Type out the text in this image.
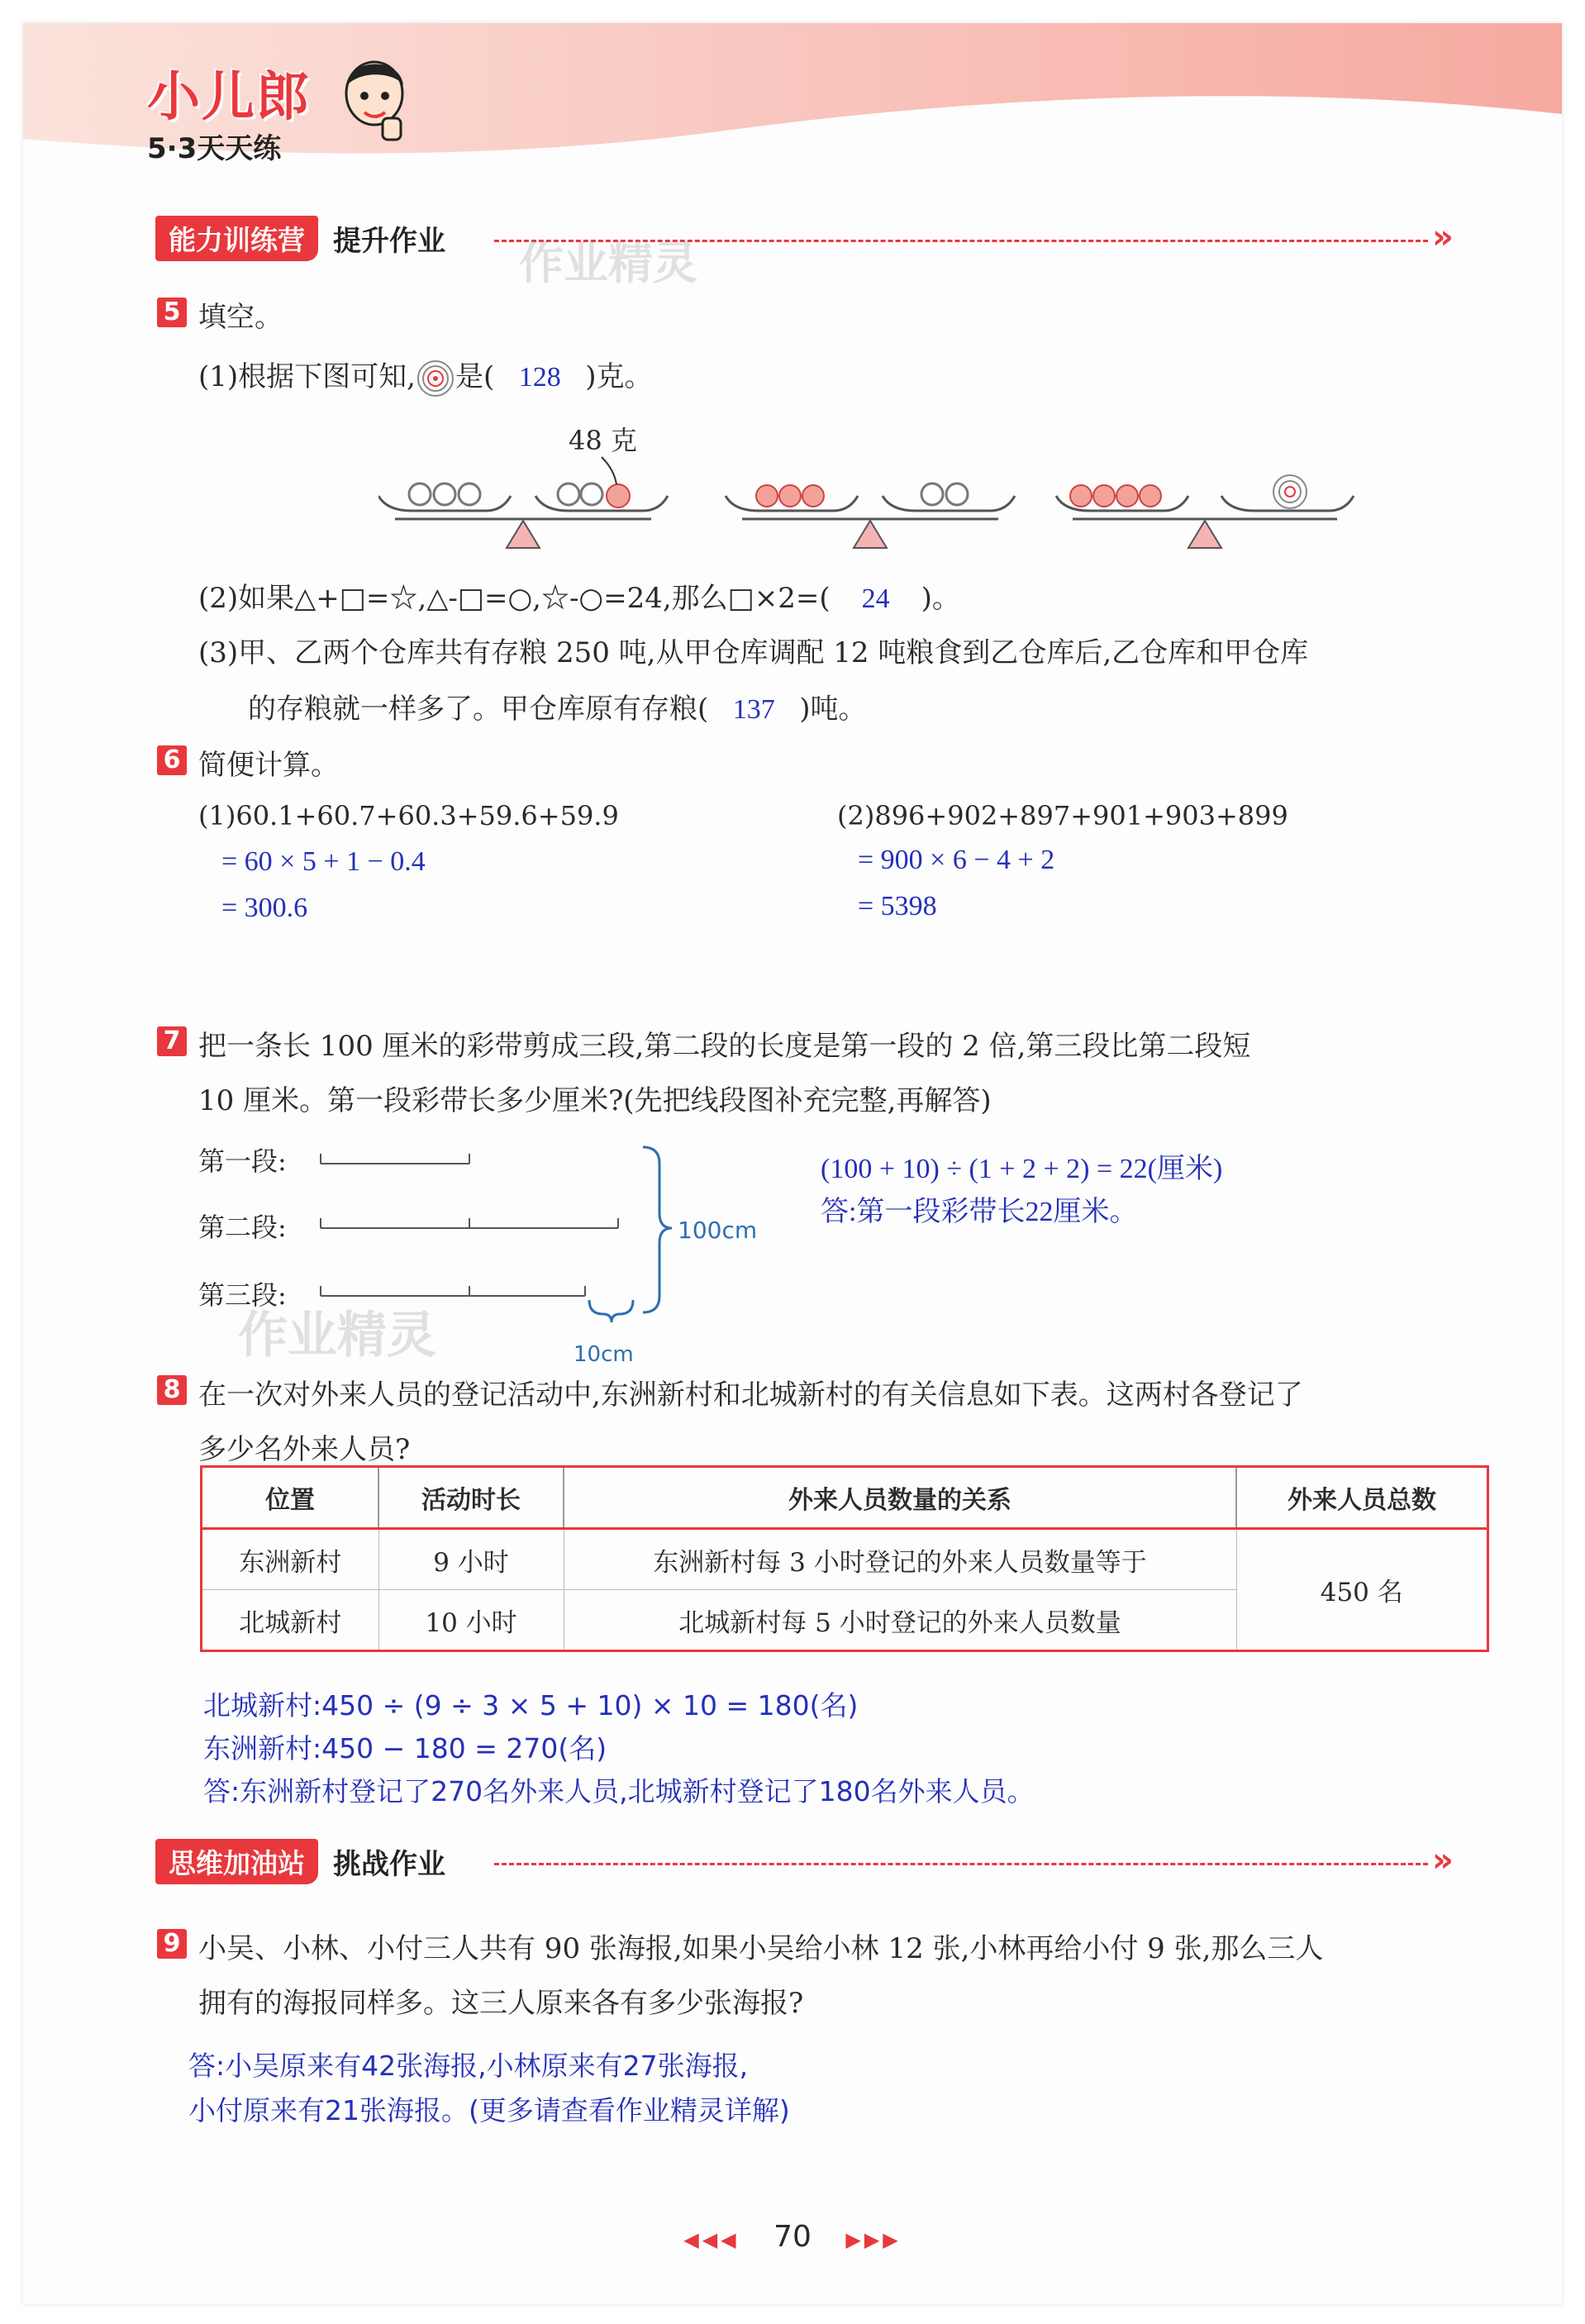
小儿郎
5·3天天练
能力训练营	提升作业	»
作业精灵
5 填空。
(1)根据下图可知, 是( 128 )克。
48 克
(2)如果△+□=☆,△-□=○,☆-○=24,那么□×2=( 24 )。
(3)甲、乙两个仓库共有存粮 250 吨,从甲仓库调配 12 吨粮食到乙仓库后,乙仓库和甲仓库
的存粮就一样多了。甲仓库原有存粮( 137 )吨。
6 简便计算。
(1)60.1+60.7+60.3+59.6+59.9
= 60 × 5 + 1 − 0.4
= 300.6
(2)896+902+897+901+903+899
= 900 × 6 − 4 + 2
= 5398
7 把一条长 100 厘米的彩带剪成三段,第二段的长度是第一段的 2 倍,第三段比第二段短
10 厘米。第一段彩带长多少厘米?(先把线段图补充完整,再解答)
第一段:
第二段:
第三段:
100cm
10cm
作业精灵
(100 + 10) ÷ (1 + 2 + 2) = 22(厘米)
答:第一段彩带长22厘米。
8 在一次对外来人员的登记活动中,东洲新村和北城新村的有关信息如下表。这两村各登记了
多少名外来人员?
位置	活动时长	外来人员数量的关系	外来人员总数
东洲新村	9 小时	东洲新村每 3 小时登记的外来人员数量等于	450 名
北城新村	10 小时	北城新村每 5 小时登记的外来人员数量	
北城新村:450 ÷ (9 ÷ 3 × 5 + 10) × 10 = 180(名)
东洲新村:450 − 180 = 270(名)
答:东洲新村登记了270名外来人员,北城新村登记了180名外来人员。
思维加油站	挑战作业	»
9 小吴、小林、小付三人共有 90 张海报,如果小吴给小林 12 张,小林再给小付 9 张,那么三人
拥有的海报同样多。这三人原来各有多少张海报?
答:小吴原来有42张海报,小林原来有27张海报,
小付原来有21张海报。(更多请查看作业精灵详解)
◀◀◀ 70 ▶▶▶
